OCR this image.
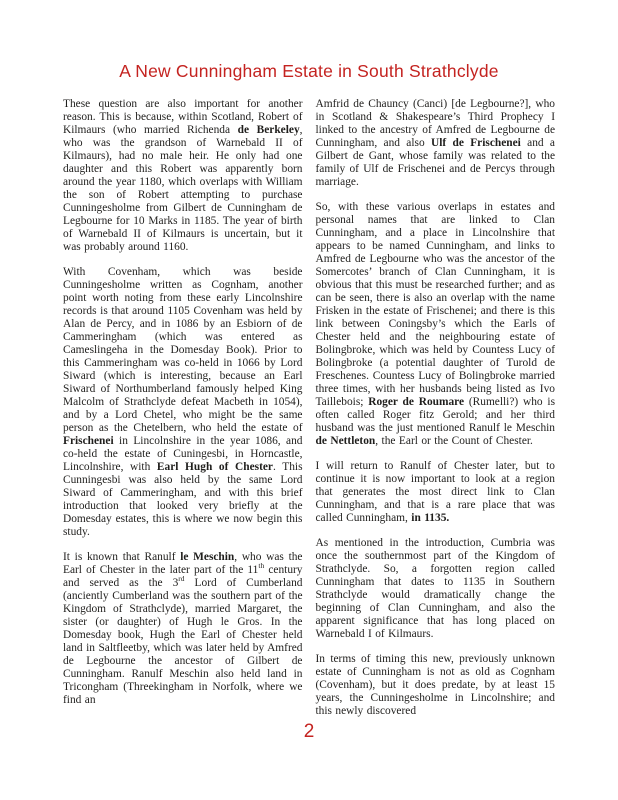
A New Cunningham Estate in South Strathclyde

These question are also important for another reason. This is because, within Scotland, Robert of Kilmaurs (who married Richenda de Berkeley, who was the grandson of Warnebald II of Kilmaurs), had no male heir. He only had one daughter and this Robert was apparently born around the year 1180, which overlaps with William the son of Robert attempting to purchase Cunningesholme from Gilbert de Cunningham de Legbourne for 10 Marks in 1185. The year of birth of Warnebald II of Kilmaurs is uncertain, but it was probably around 1160.

With Covenham, which was beside Cunningesholme written as Cognham, another point worth noting from these early Lincolnshire records is that around 1105 Covenham was held by Alan de Percy, and in 1086 by an Esbiorn of de Cammeringham (which was entered as Cameslingeha in the Domesday Book). Prior to this Cammeringham was co-held in 1066 by Lord Siward (which is interesting, because an Earl Siward of Northumberland famously helped King Malcolm of Strathclyde defeat Macbeth in 1054), and by a Lord Chetel, who might be the same person as the Chetelbern, who held the estate of Frischenei in Lincolnshire in the year 1086, and co-held the estate of Cuningesbi, in Horncastle, Lincolnshire, with Earl Hugh of Chester. This Cunningesbi was also held by the same Lord Siward of Cammeringham, and with this brief introduction that looked very briefly at the Domesday estates, this is where we now begin this study.

It is known that Ranulf le Meschin, who was the Earl of Chester in the later part of the 11th century and served as the 3rd Lord of Cumberland (anciently Cumberland was the southern part of the Kingdom of Strathclyde), married Margaret, the sister (or daughter) of Hugh le Gros. In the Domesday book, Hugh the Earl of Chester held land in Saltfleetby, which was later held by Amfred de Legbourne the ancestor of Gilbert de Cunningham. Ranulf Meschin also held land in Tricongham (Threekingham in Norfolk, where we find an

Amfrid de Chauncy (Canci) [de Legbourne?], who in Scotland & Shakespeare’s Third Prophecy I linked to the ancestry of Amfred de Legbourne de Cunningham, and also Ulf de Frischenei and a Gilbert de Gant, whose family was related to the family of Ulf de Frischenei and de Percys through marriage.

So, with these various overlaps in estates and personal names that are linked to Clan Cunningham, and a place in Lincolnshire that appears to be named Cunningham, and links to Amfred de Legbourne who was the ancestor of the Somercotes’ branch of Clan Cunningham, it is obvious that this must be researched further; and as can be seen, there is also an overlap with the name Frisken in the estate of Frischenei; and there is this link between Coningsby’s which the Earls of Chester held and the neighbouring estate of Bolingbroke, which was held by Countess Lucy of Bolingbroke (a potential daughter of Turold de Freschenes. Countess Lucy of Bolingbroke married three times, with her husbands being listed as Ivo Taillebois; Roger de Roumare (Rumelli?) who is often called Roger fitz Gerold; and her third husband was the just mentioned Ranulf le Meschin de Nettleton, the Earl or the Count of Chester.

I will return to Ranulf of Chester later, but to continue it is now important to look at a region that generates the most direct link to Clan Cunningham, and that is a rare place that was called Cunningham, in 1135.

As mentioned in the introduction, Cumbria was once the southernmost part of the Kingdom of Strathclyde. So, a forgotten region called Cunningham that dates to 1135 in Southern Strathclyde would dramatically change the beginning of Clan Cunningham, and also the apparent significance that has long placed on Warnebald I of Kilmaurs.

In terms of timing this new, previously unknown estate of Cunningham is not as old as Cognham (Covenham), but it does predate, by at least 15 years, the Cunningesholme in Lincolnshire; and this newly discovered

2
